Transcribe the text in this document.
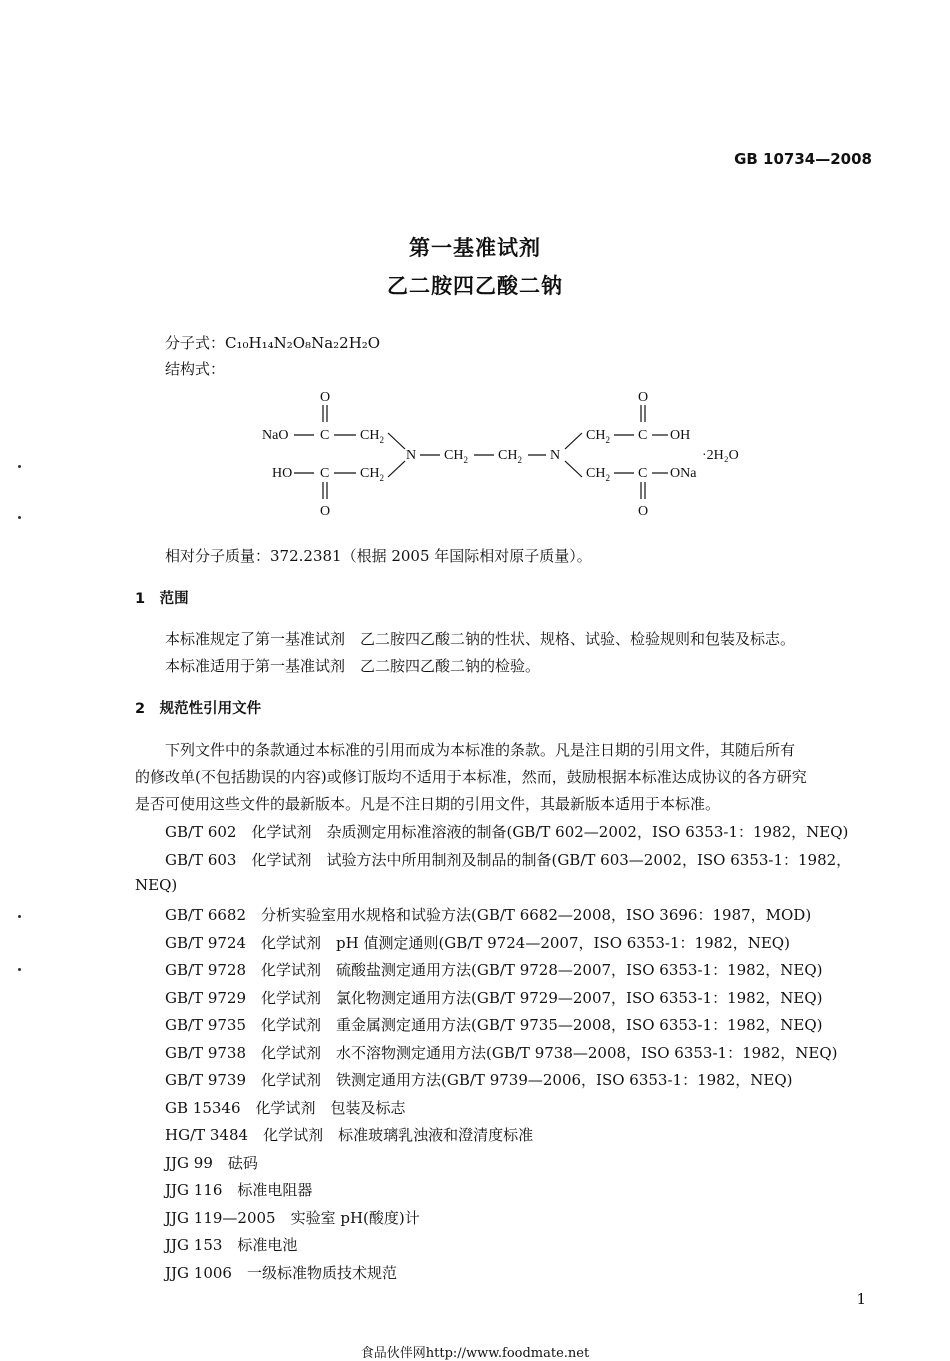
GB 10734—2008
第一基准试剂
乙二胺四乙酸二钠
分子式：C₁₀H₁₄N₂O₈Na₂2H₂O
结构式：
O
NaO C $CH_2$
HO C $CH_2$
O
N $CH_2$ $CH_2$ N
O
$CH_2$ C OH
$CH_2$ C ONa
O
·2H₂O
相对分子质量：372.2381（根据 2005 年国际相对原子质量）。
1　范围
本标准规定了第一基准试剂　乙二胺四乙酸二钠的性状、规格、试验、检验规则和包装及标志。
本标准适用于第一基准试剂　乙二胺四乙酸二钠的检验。
2　规范性引用文件
下列文件中的条款通过本标准的引用而成为本标准的条款。凡是注日期的引用文件，其随后所有
的修改单(不包括勘误的内容)或修订版均不适用于本标准，然而，鼓励根据本标准达成协议的各方研究
是否可使用这些文件的最新版本。凡是不注日期的引用文件，其最新版本适用于本标准。
GB/T 602　化学试剂　杂质测定用标准溶液的制备(GB/T 602—2002，ISO 6353-1：1982，NEQ)
GB/T 603　化学试剂　试验方法中所用制剂及制品的制备(GB/T 603—2002，ISO 6353-1：1982，
NEQ)
GB/T 6682　分析实验室用水规格和试验方法(GB/T 6682—2008，ISO 3696：1987，MOD)
GB/T 9724　化学试剂　pH 值测定通则(GB/T 9724—2007，ISO 6353-1：1982，NEQ)
GB/T 9728　化学试剂　硫酸盐测定通用方法(GB/T 9728—2007，ISO 6353-1：1982，NEQ)
GB/T 9729　化学试剂　氯化物测定通用方法(GB/T 9729—2007，ISO 6353-1：1982，NEQ)
GB/T 9735　化学试剂　重金属测定通用方法(GB/T 9735—2008，ISO 6353-1：1982，NEQ)
GB/T 9738　化学试剂　水不溶物测定通用方法(GB/T 9738—2008，ISO 6353-1：1982，NEQ)
GB/T 9739　化学试剂　铁测定通用方法(GB/T 9739—2006，ISO 6353-1：1982，NEQ)
GB 15346　化学试剂　包装及标志
HG/T 3484　化学试剂　标准玻璃乳浊液和澄清度标准
JJG 99　砝码
JJG 116　标准电阻器
JJG 119—2005　实验室 pH(酸度)计
JJG 153　标准电池
JJG 1006　一级标准物质技术规范
1
食品伙伴网http://www.foodmate.net
